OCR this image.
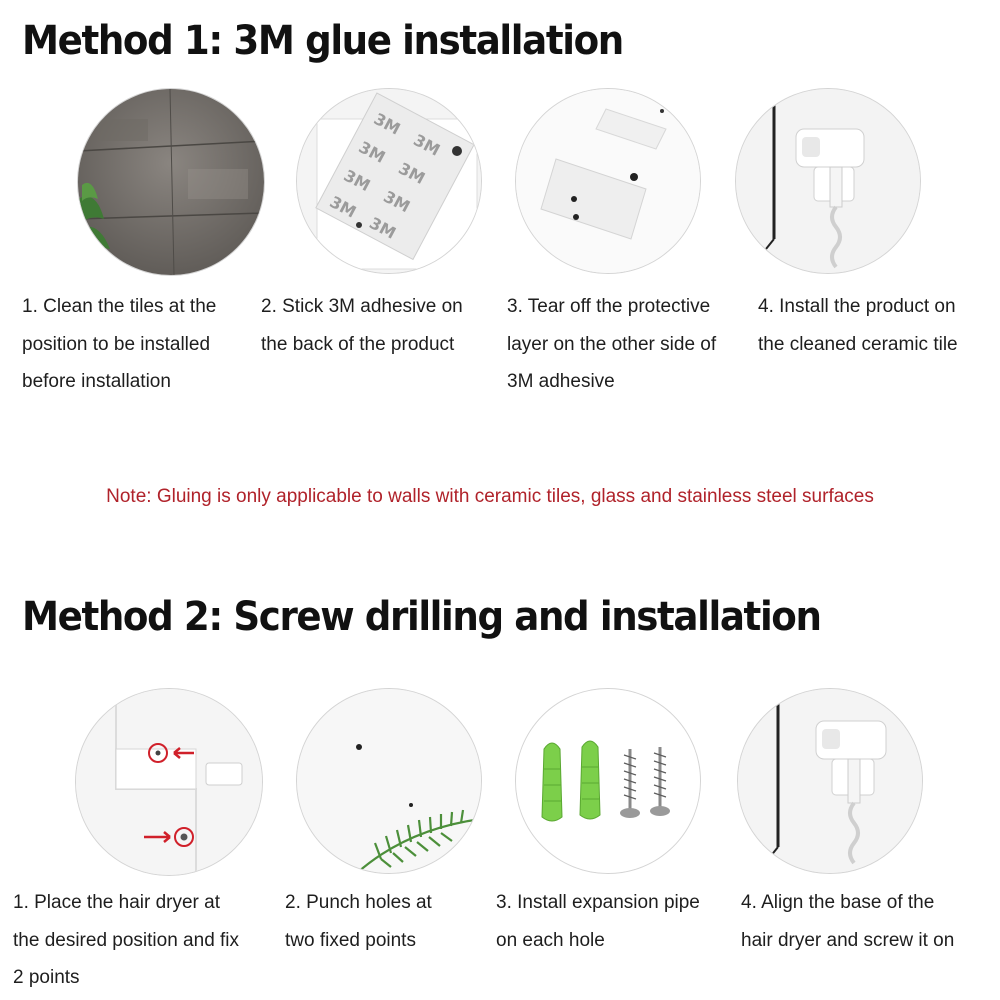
Method 1: 3M glue installation
3M
3M
3M
3M
3M
3M
3M
3M

1. Clean the tiles at the
position to be installed
before installation

2. Stick 3M adhesive on
the back of the product

3. Tear off the protective
layer on the other side of
3M adhesive

4. Install the product on
the cleaned ceramic tile

Note: Gluing is only applicable to walls with ceramic tiles, glass and stainless steel surfaces

Method 2: Screw drilling and installation

1. Place the hair dryer at
the desired position and fix
2 points

2. Punch holes at
two fixed points

3. Install expansion pipe
on each hole

4. Align the base of the
hair dryer and screw it on
